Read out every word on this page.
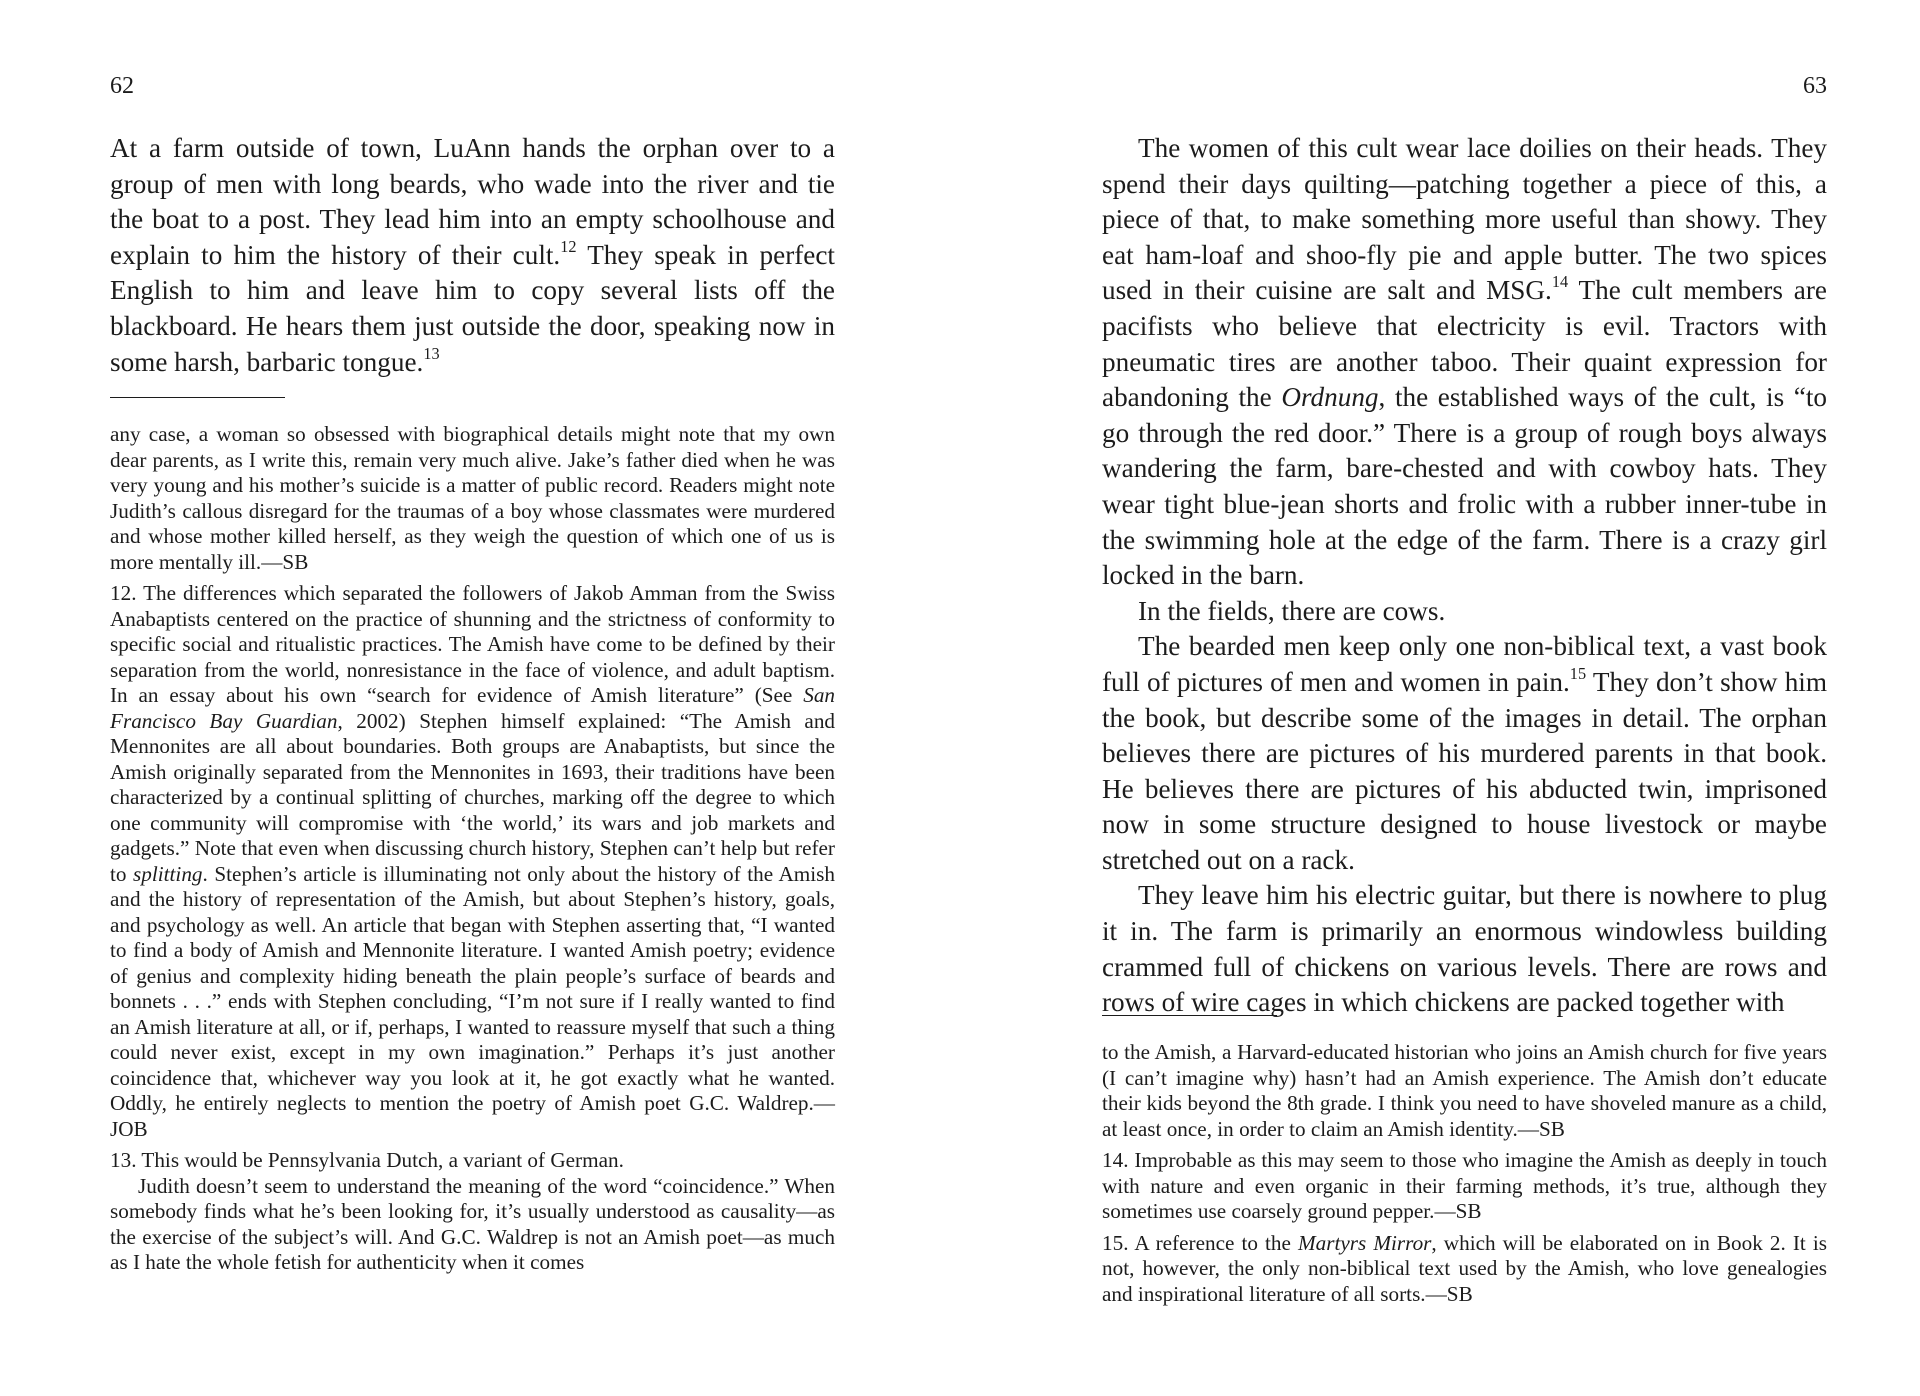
62

At a farm outside of town, LuAnn hands the orphan over to a group of men with long beards, who wade into the river and tie the boat to a post. They lead him into an empty schoolhouse and explain to him the history of their cult.$^{12}$ They speak in perfect English to him and leave him to copy several lists off the blackboard. He hears them just outside the door, speaking now in some harsh, barbaric tongue.$^{13}$

any case, a woman so obsessed with biographical details might note that my own dear parents, as I write this, remain very much alive. Jake’s father died when he was very young and his mother’s suicide is a matter of public record. Readers might note Judith’s callous disregard for the traumas of a boy whose classmates were murdered and whose mother killed herself, as they weigh the question of which one of us is more mentally ill.—SB

12. The differences which separated the followers of Jakob Amman from the Swiss Anabaptists centered on the practice of shunning and the strictness of conformity to specific social and ritualistic practices. The Amish have come to be defined by their separation from the world, nonresistance in the face of violence, and adult baptism. In an essay about his own “search for evidence of Amish literature” (See San Francisco Bay Guardian, 2002) Stephen himself explained: “The Amish and Mennonites are all about boundaries. Both groups are Anabaptists, but since the Amish originally separated from the Mennonites in 1693, their traditions have been characterized by a continual splitting of churches, marking off the degree to which one community will compromise with ‘the world,’ its wars and job markets and gadgets.” Note that even when discussing church history, Stephen can’t help but refer to splitting. Stephen’s article is illuminating not only about the history of the Amish and the history of representation of the Amish, but about Stephen’s history, goals, and psychology as well. An article that began with Stephen asserting that, “I wanted to find a body of Amish and Mennonite literature. I wanted Amish poetry; evidence of genius and complexity hiding beneath the plain people’s surface of beards and bonnets . . .” ends with Stephen concluding, “I’m not sure if I really wanted to find an Amish literature at all, or if, perhaps, I wanted to reassure myself that such a thing could never exist, except in my own imagination.” Perhaps it’s just another coincidence that, whichever way you look at it, he got exactly what he wanted. Oddly, he entirely neglects to mention the poetry of Amish poet G.C. Waldrep.—JOB

13. This would be Pennsylvania Dutch, a variant of German.

Judith doesn’t seem to understand the meaning of the word “coincidence.” When somebody finds what he’s been looking for, it’s usually understood as causality—as the exercise of the subject’s will. And G.C. Waldrep is not an Amish poet—as much as I hate the whole fetish for authenticity when it comes

63

The women of this cult wear lace doilies on their heads. They spend their days quilting—patching together a piece of this, a piece of that, to make something more useful than showy. They eat ham-loaf and shoo-fly pie and apple butter. The two spices used in their cuisine are salt and MSG.$^{14}$ The cult members are pacifists who believe that electricity is evil. Tractors with pneumatic tires are another taboo. Their quaint expression for abandoning the Ordnung, the established ways of the cult, is “to go through the red door.” There is a group of rough boys always wandering the farm, bare-chested and with cowboy hats. They wear tight blue-jean shorts and frolic with a rubber inner-tube in the swimming hole at the edge of the farm. There is a crazy girl locked in the barn.

In the fields, there are cows.

The bearded men keep only one non-biblical text, a vast book full of pictures of men and women in pain.$^{15}$ They don’t show him the book, but describe some of the images in detail. The orphan believes there are pictures of his murdered parents in that book. He believes there are pictures of his abducted twin, imprisoned now in some structure designed to house livestock or maybe stretched out on a rack.

They leave him his electric guitar, but there is nowhere to plug it in. The farm is primarily an enormous windowless building crammed full of chickens on various levels. There are rows and rows of wire cages in which chickens are packed together with

to the Amish, a Harvard-educated historian who joins an Amish church for five years (I can’t imagine why) hasn’t had an Amish experience. The Amish don’t educate their kids beyond the 8th grade. I think you need to have shoveled manure as a child, at least once, in order to claim an Amish identity.—SB

14. Improbable as this may seem to those who imagine the Amish as deeply in touch with nature and even organic in their farming methods, it’s true, although they sometimes use coarsely ground pepper.—SB

15. A reference to the Martyrs Mirror, which will be elaborated on in Book 2. It is not, however, the only non-biblical text used by the Amish, who love genealogies and inspirational literature of all sorts.—SB
